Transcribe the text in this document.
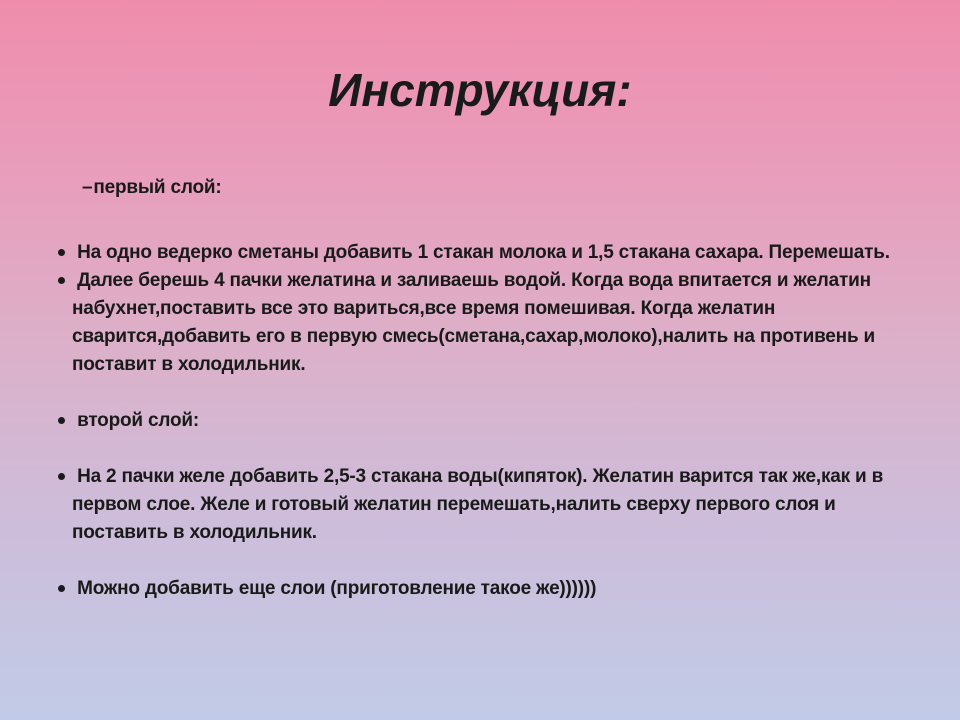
Инструкция:

–первый слой:

На одно ведерко сметаны добавить 1 стакан молока и 1,5 стакана сахара. Перемешать.
Далее берешь 4 пачки желатина и заливаешь водой. Когда вода впитается и желатин набухнет,поставить все это вариться,все время помешивая. Когда желатин сварится,добавить его в первую смесь(сметана,сахар,молоко),налить на противень и поставит в холодильник.
второй слой:
На 2 пачки желе добавить 2,5-3 стакана воды(кипяток). Желатин варится так же,как и в первом слое. Желе и готовый желатин перемешать,налить сверху первого слоя и поставить в холодильник.
Можно добавить еще слои (приготовление такое же))))))
